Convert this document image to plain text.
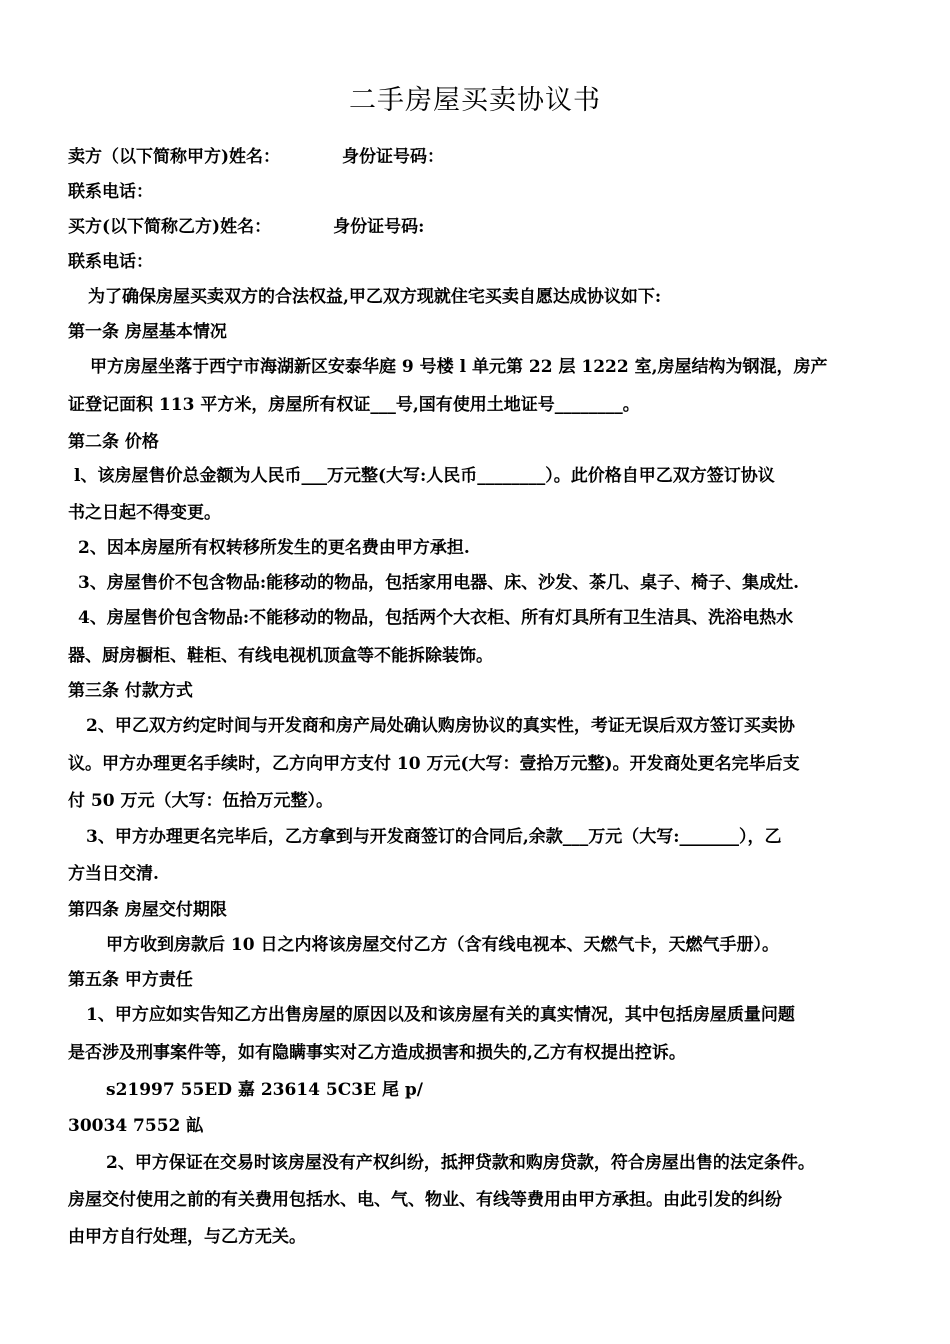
二手房屋买卖协议书
卖方（以下简称甲方)姓名：	身份证号码：
联系电话：
买方(以下简称乙方)姓名：	身份证号码:
联系电话：
为了确保房屋买卖双方的合法权益,甲乙双方现就住宅买卖自愿达成协议如下:
第一条 房屋基本情况
甲方房屋坐落于西宁市海湖新区安泰华庭 9 号楼 l 单元第 22 层 1222 室,房屋结构为钢混，房产
证登记面积 113 平方米，房屋所有权证___号,国有使用土地证号________。
第二条 价格
l、该房屋售价总金额为人民币___万元整(大写:人民币________）。此价格自甲乙双方签订协议
书之日起不得变更。
2、因本房屋所有权转移所发生的更名费由甲方承担.
3、房屋售价不包含物品:能移动的物品，包括家用电器、床、沙发、茶几、桌子、椅子、集成灶.
4、房屋售价包含物品:不能移动的物品，包括两个大衣柜、所有灯具所有卫生洁具、洗浴电热水
器、厨房橱柜、鞋柜、有线电视机顶盒等不能拆除装饰。
第三条 付款方式
2、甲乙双方约定时间与开发商和房产局处确认购房协议的真实性，考证无误后双方签订买卖协
议。甲方办理更名手续时，乙方向甲方支付 10 万元(大写：壹拾万元整)。开发商处更名完毕后支
付 50 万元（大写：伍拾万元整）。
3、甲方办理更名完毕后，乙方拿到与开发商签订的合同后,余款___万元（大写:_______），乙
方当日交清.
第四条 房屋交付期限
甲方收到房款后 10 日之内将该房屋交付乙方（含有线电视本、天燃气卡，天燃气手册）。
第五条 甲方责任
1、甲方应如实告知乙方出售房屋的原因以及和该房屋有关的真实情况，其中包括房屋质量问题
是否涉及刑事案件等，如有隐瞒事实对乙方造成损害和损失的,乙方有权提出控诉。
s21997 55ED 嘉 23614 5C3E 尾 p/
30034 7552 畆
2、甲方保证在交易时该房屋没有产权纠纷，抵押贷款和购房贷款，符合房屋出售的法定条件。
房屋交付使用之前的有关费用包括水、电、气、物业、有线等费用由甲方承担。由此引发的纠纷
由甲方自行处理，与乙方无关。
